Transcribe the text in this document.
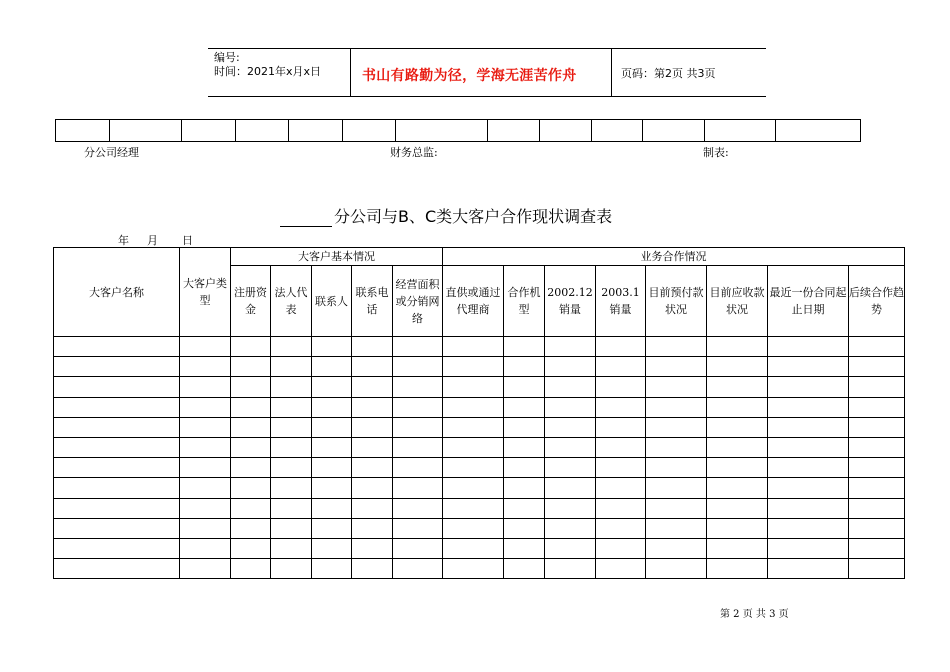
编号:
时间：2021年x月x日	书山有路勤为径，学海无涯苦作舟	页码：第2页 共3页

分公司经理	财务总监:	制表:
分公司与B、C类大客户合作现状调查表
年 月 日
大客户名称	大客户类型	大客户基本情况					业务合作情况							
		注册资金	法人代表	联系人	联系电话	经营面积或分销网络	直供或通过代理商	合作机型	2002.12销量	2003.1销量	目前预付款状况	目前应收款状况	最近一份合同起止日期	后续合作趋势

第 2 页 共 3 页
